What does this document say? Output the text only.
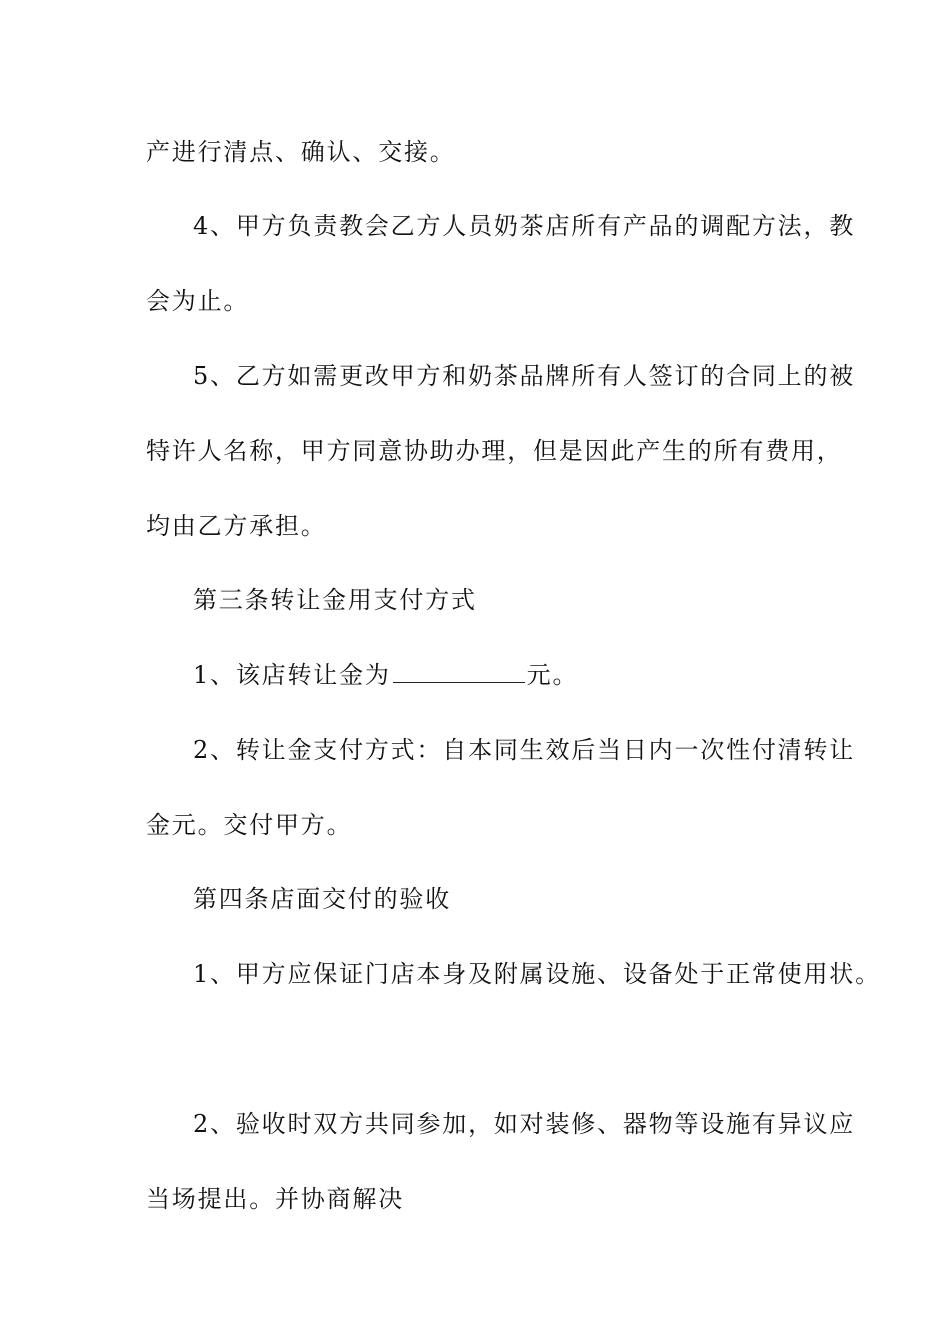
产进行清点、确认、交接。
4、甲方负责教会乙方人员奶茶店所有产品的调配方法，教
会为止。
5、乙方如需更改甲方和奶茶品牌所有人签订的合同上的被
特许人名称，甲方同意协助办理，但是因此产生的所有费用，
均由乙方承担。
第三条转让金用支付方式
1、该店转让金为	元。
2、转让金支付方式：自本同生效后当日内一次性付清转让
金元。交付甲方。
第四条店面交付的验收
1、甲方应保证门店本身及附属设施、设备处于正常使用状。
2、验收时双方共同参加，如对装修、器物等设施有异议应
当场提出。并协商解决
